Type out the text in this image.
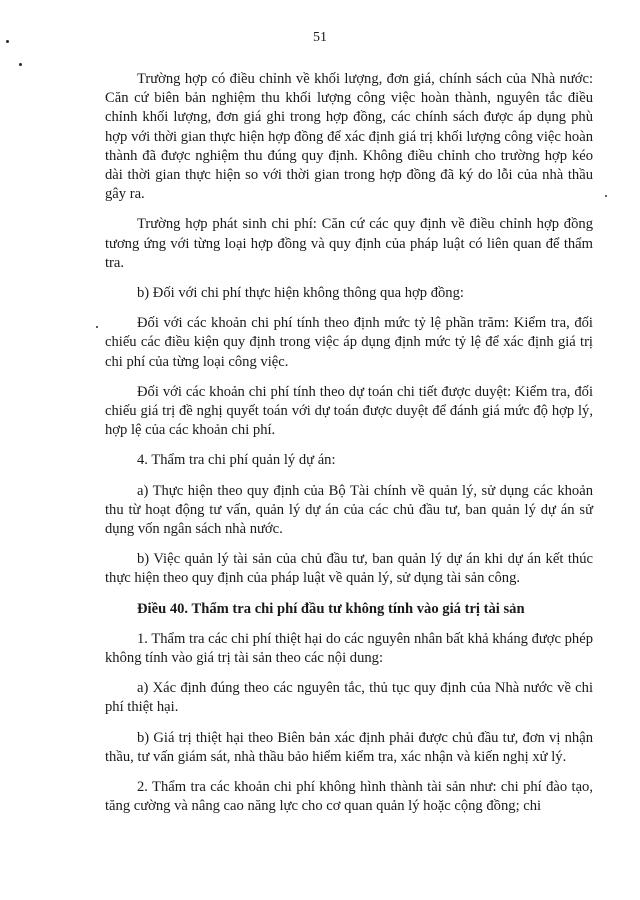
51

Trường hợp có điều chỉnh về khối lượng, đơn giá, chính sách của Nhà nước: Căn cứ biên bản nghiệm thu khối lượng công việc hoàn thành, nguyên tắc điều chỉnh khối lượng, đơn giá ghi trong hợp đồng, các chính sách được áp dụng phù hợp với thời gian thực hiện hợp đồng để xác định giá trị khối lượng công việc hoàn thành đã được nghiệm thu đúng quy định. Không điều chỉnh cho trường hợp kéo dài thời gian thực hiện so với thời gian trong hợp đồng đã ký do lỗi của nhà thầu gây ra.

Trường hợp phát sinh chi phí: Căn cứ các quy định về điều chỉnh hợp đồng tương ứng với từng loại hợp đồng và quy định của pháp luật có liên quan để thẩm tra.

b) Đối với chi phí thực hiện không thông qua hợp đồng:

Đối với các khoản chi phí tính theo định mức tỷ lệ phần trăm: Kiểm tra, đối chiếu các điều kiện quy định trong việc áp dụng định mức tỷ lệ để xác định giá trị chi phí của từng loại công việc.

Đối với các khoản chi phí tính theo dự toán chi tiết được duyệt: Kiểm tra, đối chiếu giá trị đề nghị quyết toán với dự toán được duyệt để đánh giá mức độ hợp lý, hợp lệ của các khoản chi phí.

4. Thẩm tra chi phí quản lý dự án:

a) Thực hiện theo quy định của Bộ Tài chính về quản lý, sử dụng các khoản thu từ hoạt động tư vấn, quản lý dự án của các chủ đầu tư, ban quản lý dự án sử dụng vốn ngân sách nhà nước.

b) Việc quản lý tài sản của chủ đầu tư, ban quản lý dự án khi dự án kết thúc thực hiện theo quy định của pháp luật về quản lý, sử dụng tài sản công.

Điều 40. Thẩm tra chi phí đầu tư không tính vào giá trị tài sản

1. Thẩm tra các chi phí thiệt hại do các nguyên nhân bất khả kháng được phép không tính vào giá trị tài sản theo các nội dung:

a) Xác định đúng theo các nguyên tắc, thủ tục quy định của Nhà nước về chi phí thiệt hại.

b) Giá trị thiệt hại theo Biên bản xác định phải được chủ đầu tư, đơn vị nhận thầu, tư vấn giám sát, nhà thầu bảo hiểm kiểm tra, xác nhận và kiến nghị xử lý.

2. Thẩm tra các khoản chi phí không hình thành tài sản như: chi phí đào tạo, tăng cường và nâng cao năng lực cho cơ quan quản lý hoặc cộng đồng; chi
